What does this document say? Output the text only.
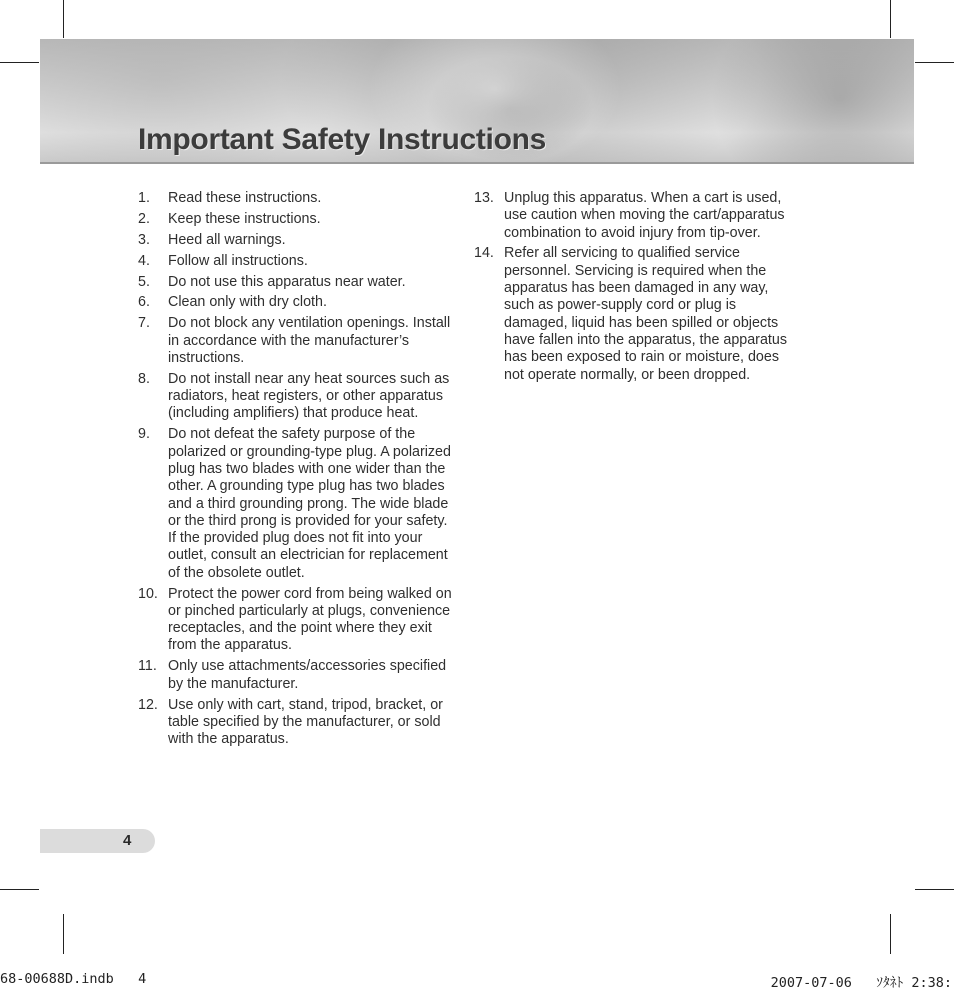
Important Safety Instructions
1.	Read these instructions.
2.	Keep these instructions.
3.	Heed all warnings.
4.	Follow all instructions.
5.	Do not use this apparatus near water.
6.	Clean only with dry cloth.
7.	Do not block any ventilation openings. Install in accordance with the manufacturer’s instructions.
8.	Do not install near any heat sources such as radiators, heat registers, or other apparatus (including amplifiers) that produce heat.
9.	Do not defeat the safety purpose of the polarized or grounding-type plug. A polarized plug has two blades with one wider than the other. A grounding type plug has two blades and a third grounding prong. The wide blade or the third prong is provided for your safety. If the provided plug does not fit into your outlet, consult an electrician for replacement of the obsolete outlet.
10. Protect the power cord from being walked on or pinched particularly at plugs, convenience receptacles, and the point where they exit from the apparatus.
11. Only use attachments/accessories specified by the manufacturer.
12. Use only with cart, stand, tripod, bracket, or table specified by the manufacturer, or sold with the apparatus.
13. Unplug this apparatus. When a cart is used, use caution when moving the cart/apparatus combination to avoid injury from tip-over.
14. Refer all servicing to qualified service personnel. Servicing is required when the apparatus has been damaged in any way, such as power-supply cord or plug is damaged, liquid has been spilled or objects have fallen into the apparatus, the apparatus has been exposed to rain or moisture, does not operate normally, or been dropped.
4
68-00688D.indb   4	2007-07-06   ｿﾀﾈﾄ 2:38:
